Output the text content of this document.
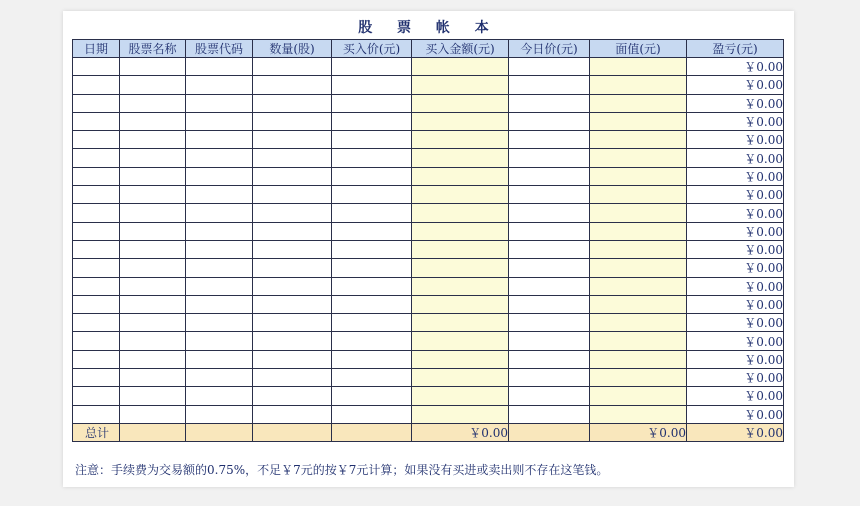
股 票 帐 本
日期	股票名称	股票代码	数量(股)	买入价(元)	买入金额(元)	今日价(元)	面值(元)	盈亏(元)
								￥0.00
								￥0.00
								￥0.00
								￥0.00
								￥0.00
								￥0.00
								￥0.00
								￥0.00
								￥0.00
								￥0.00
								￥0.00
								￥0.00
								￥0.00
								￥0.00
								￥0.00
								￥0.00
								￥0.00
								￥0.00
								￥0.00
								￥0.00
总计					￥0.00		￥0.00	￥0.00
注意：手续费为交易额的0.75%，不足￥7元的按￥7元计算；如果没有买进或卖出则不存在这笔钱。
